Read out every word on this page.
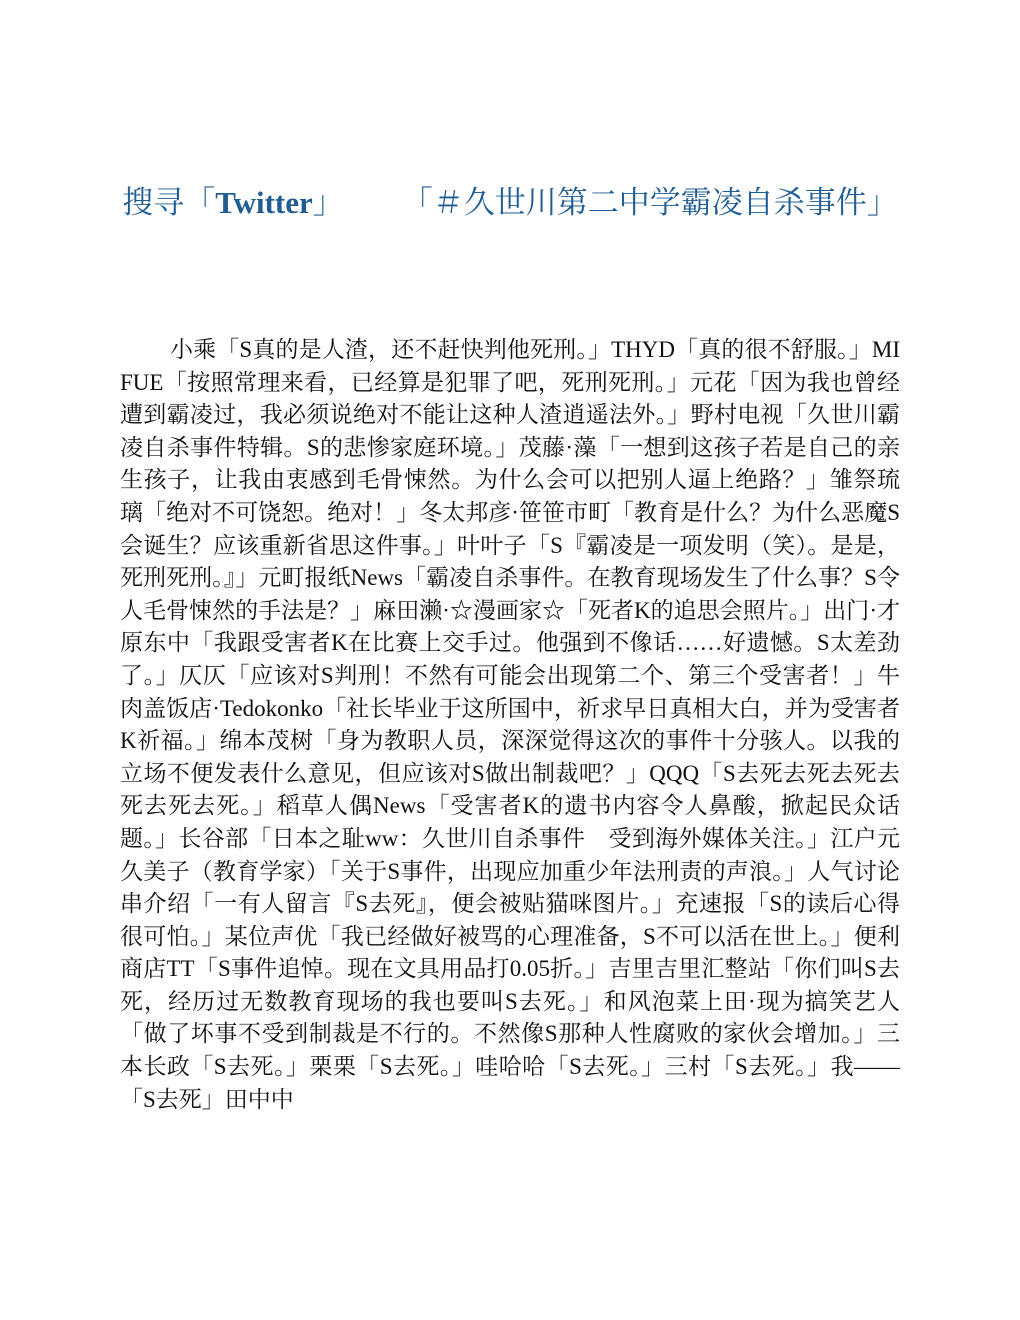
搜寻「Twitter」 「＃久世川第二中学霸凌自杀事件」

小乘「S真的是人渣，还不赶快判他死刑。」THYD「真的很不舒服。」MIFUE「按照常理来看，已经算是犯罪了吧，死刑死刑。」元花「因为我也曾经遭到霸凌过，我必须说绝对不能让这种人渣逍遥法外。」野村电视「久世川霸凌自杀事件特辑。S的悲惨家庭环境。」茂藤·藻「一想到这孩子若是自己的亲生孩子，让我由衷感到毛骨悚然。为什么会可以把别人逼上绝路？」雏祭琉璃「绝对不可饶恕。绝对！」冬太邦彦·笹笹市町「教育是什么？为什么恶魔S会诞生？应该重新省思这件事。」叶叶子「S『霸凌是一项发明（笑）。是是，死刑死刑。』」元町报纸News「霸凌自杀事件。在教育现场发生了什么事？S令人毛骨悚然的手法是？」麻田濑·☆漫画家☆「死者K的追思会照片。」出门·才原东中「我跟受害者K在比赛上交手过。他强到不像话……好遗憾。S太差劲了。」仄仄「应该对S判刑！不然有可能会出现第二个、第三个受害者！」牛肉盖饭店·Tedokonko「社长毕业于这所国中，祈求早日真相大白，并为受害者K祈福。」绵本茂树「身为教职人员，深深觉得这次的事件十分骇人。以我的立场不便发表什么意见，但应该对S做出制裁吧？」QQQ「S去死去死去死去死去死去死。」稻草人偶News「受害者K的遗书内容令人鼻酸，掀起民众话题。」长谷部「日本之耻ww：久世川自杀事件　受到海外媒体关注。」江户元久美子（教育学家）「关于S事件，出现应加重少年法刑责的声浪。」人气讨论串介绍「一有人留言『S去死』，便会被贴猫咪图片。」充速报「S的读后心得很可怕。」某位声优「我已经做好被骂的心理准备，S不可以活在世上。」便利商店TT「S事件追悼。现在文具用品打0.05折。」吉里吉里汇整站「你们叫S去死，经历过无数教育现场的我也要叫S去死。」和风泡菜上田·现为搞笑艺人「做了坏事不受到制裁是不行的。不然像S那种人性腐败的家伙会增加。」三本长政「S去死。」栗栗「S去死。」哇哈哈「S去死。」三村「S去死。」我——「S去死」田中中
